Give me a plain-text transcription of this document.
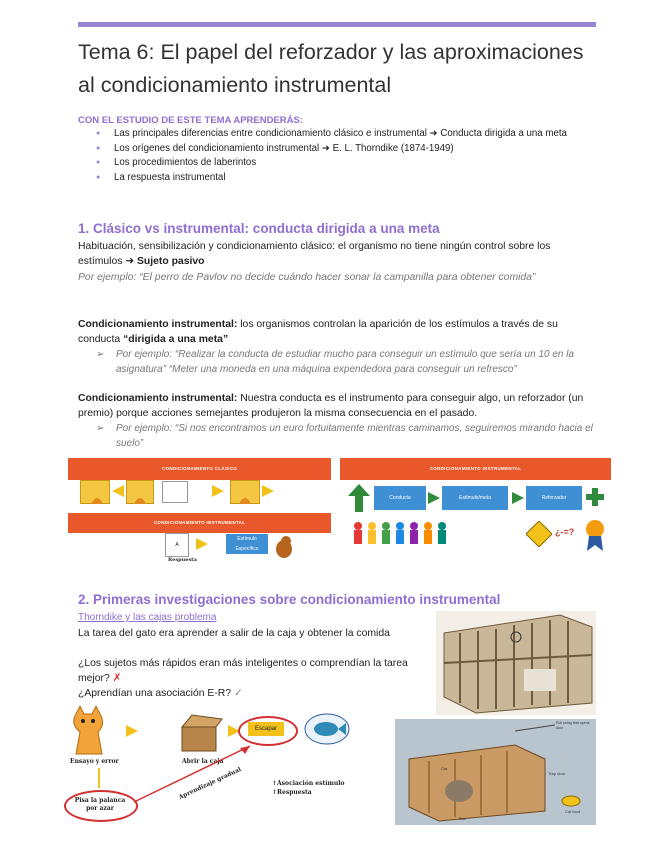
Tema 6: El papel del reforzador y las aproximaciones al condicionamiento instrumental
CON EL ESTUDIO DE ESTE TEMA APRENDERÁS:
● Las principales diferencias entre condicionamiento clásico e instrumental ➜ Conducta dirigida a una meta
● Los orígenes del condicionamiento instrumental ➜ E. L. Thorndike (1874-1949)
● Los procedimientos de laberintos
● La respuesta instrumental
1. Clásico vs instrumental: conducta dirigida a una meta
Habituación, sensibilización y condicionamiento clásico: el organismo no tiene ningún control sobre los estímulos ➜ Sujeto pasivo
Por ejemplo: “El perro de Pavlov no decide cuándo hacer sonar la campanilla para obtener comida”
Condicionamiento instrumental: los organismos controlan la aparición de los estímulos a través de su conducta “dirigida a una meta”
➢ Por ejemplo: “Realizar la conducta de estudiar mucho para conseguir un estímulo que sería un 10 en la asignatura” “Meter una moneda en una máquina expendedora para conseguir un refresco”
Condicionamiento instrumental: Nuestra conducta es el instrumento para conseguir algo, un reforzador (un premio) porque acciones semejantes produjeron la misma consecuencia en el pasado.
➢ Por ejemplo: “Si nos encontramos un euro fortuitamente mientras caminamos, seguiremos mirando hacia el suelo”
CONDICIONAMIENTO CLÁSICO
CONDICIONAMIENTO INSTRUMENTAL
A
Estímulo Específico
Respuesta
CONDICIONAMIENTO INSTRUMENTAL
Conducta	Estímulo/meta	Reforzador
¿-=?
2. Primeras investigaciones sobre condicionamiento instrumental
Thorndike y las cajas problema
La tarea del gato era aprender a salir de la caja y obtener la comida
¿Los sujetos más rápidos eran más inteligentes o comprendían la tarea mejor? ✗
¿Aprendían una asociación E-R? ✓
Escapar
Ensayo y error	Abrir la caja
Pisa la palanca por azar
Aprendizaje gradual	↑Asociación estímulo
↑Respuesta
Pull string that opens door
Trap door
Cat
Box
Cat food
